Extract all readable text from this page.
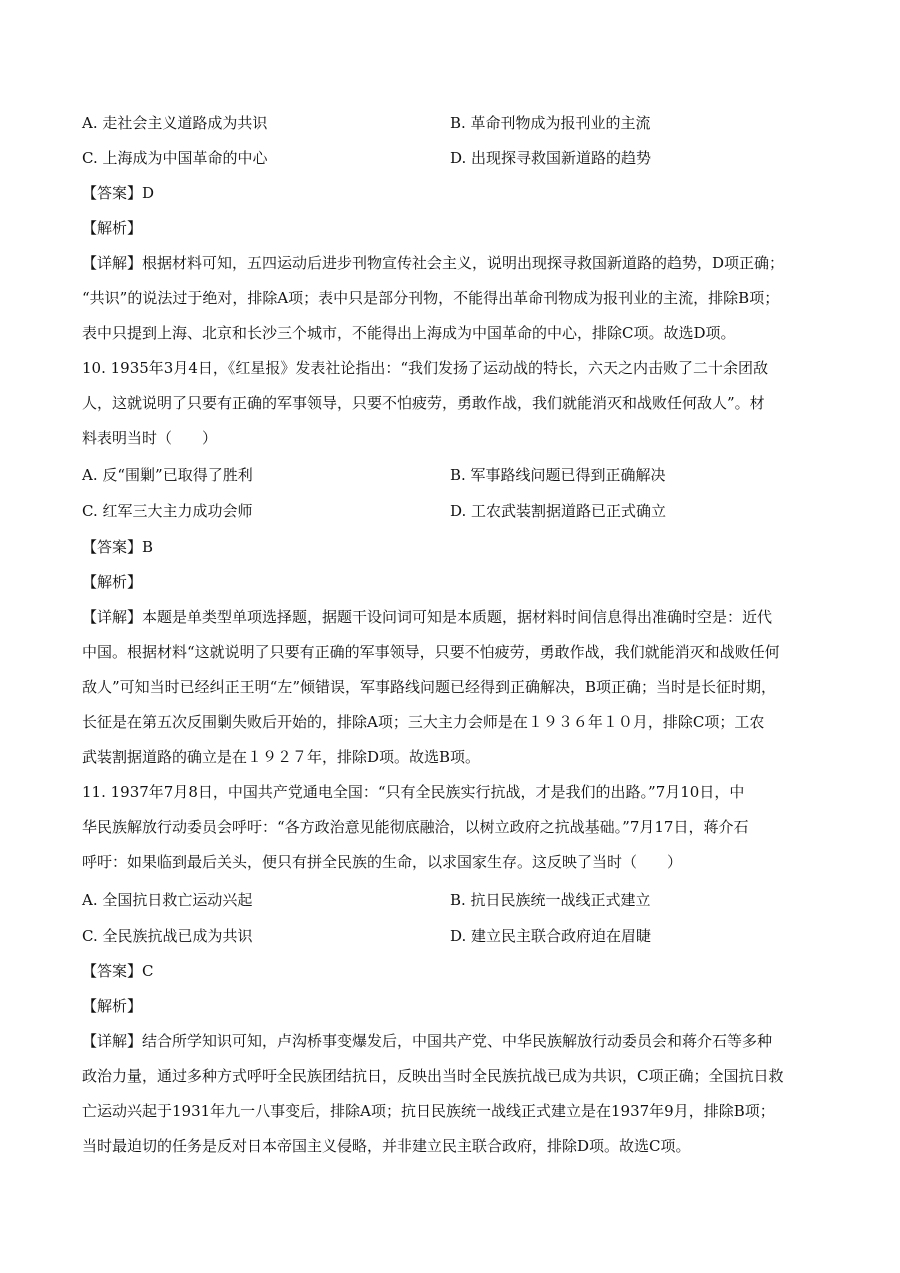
A. 走社会主义道路成为共识	B. 革命刊物成为报刊业的主流
C. 上海成为中国革命的中心	D. 出现探寻救国新道路的趋势
【答案】D
【解析】
【详解】根据材料可知，五四运动后进步刊物宣传社会主义，说明出现探寻救国新道路的趋势，D项正确；
“共识”的说法过于绝对，排除A项；表中只是部分刊物，不能得出革命刊物成为报刊业的主流，排除B项；
表中只提到上海、北京和长沙三个城市，不能得出上海成为中国革命的中心，排除C项。故选D项。
10. 1935年3月4日，《红星报》发表社论指出：“我们发扬了运动战的特长，六天之内击败了二十余团敌
人，这就说明了只要有正确的军事领导，只要不怕疲劳，勇敢作战，我们就能消灭和战败任何敌人”。材
料表明当时（　　）
A. 反“围剿”已取得了胜利	B. 军事路线问题已得到正确解决
C. 红军三大主力成功会师	D. 工农武装割据道路已正式确立
【答案】B
【解析】
【详解】本题是单类型单项选择题，据题干设问词可知是本质题，据材料时间信息得出准确时空是：近代
中国。根据材料“这就说明了只要有正确的军事领导，只要不怕疲劳，勇敢作战，我们就能消灭和战败任何
敌人”可知当时已经纠正王明“左”倾错误，军事路线问题已经得到正确解决，B项正确；当时是长征时期，
长征是在第五次反围剿失败后开始的，排除A项；三大主力会师是在１９３６年１０月，排除C项；工农
武装割据道路的确立是在１９２７年，排除D项。故选B项。
11. 1937年7月8日，中国共产党通电全国：“只有全民族实行抗战，才是我们的出路。”7月10日，中
华民族解放行动委员会呼吁：“各方政治意见能彻底融洽，以树立政府之抗战基础。”7月17日，蒋介石
呼吁：如果临到最后关头，便只有拼全民族的生命，以求国家生存。这反映了当时（　　）
A. 全国抗日救亡运动兴起	B. 抗日民族统一战线正式建立
C. 全民族抗战已成为共识	D. 建立民主联合政府迫在眉睫
【答案】C
【解析】
【详解】结合所学知识可知，卢沟桥事变爆发后，中国共产党、中华民族解放行动委员会和蒋介石等多种
政治力量，通过多种方式呼吁全民族团结抗日，反映出当时全民族抗战已成为共识，C项正确；全国抗日救
亡运动兴起于1931年九一八事变后，排除A项；抗日民族统一战线正式建立是在1937年9月，排除B项；
当时最迫切的任务是反对日本帝国主义侵略，并非建立民主联合政府，排除D项。故选C项。
